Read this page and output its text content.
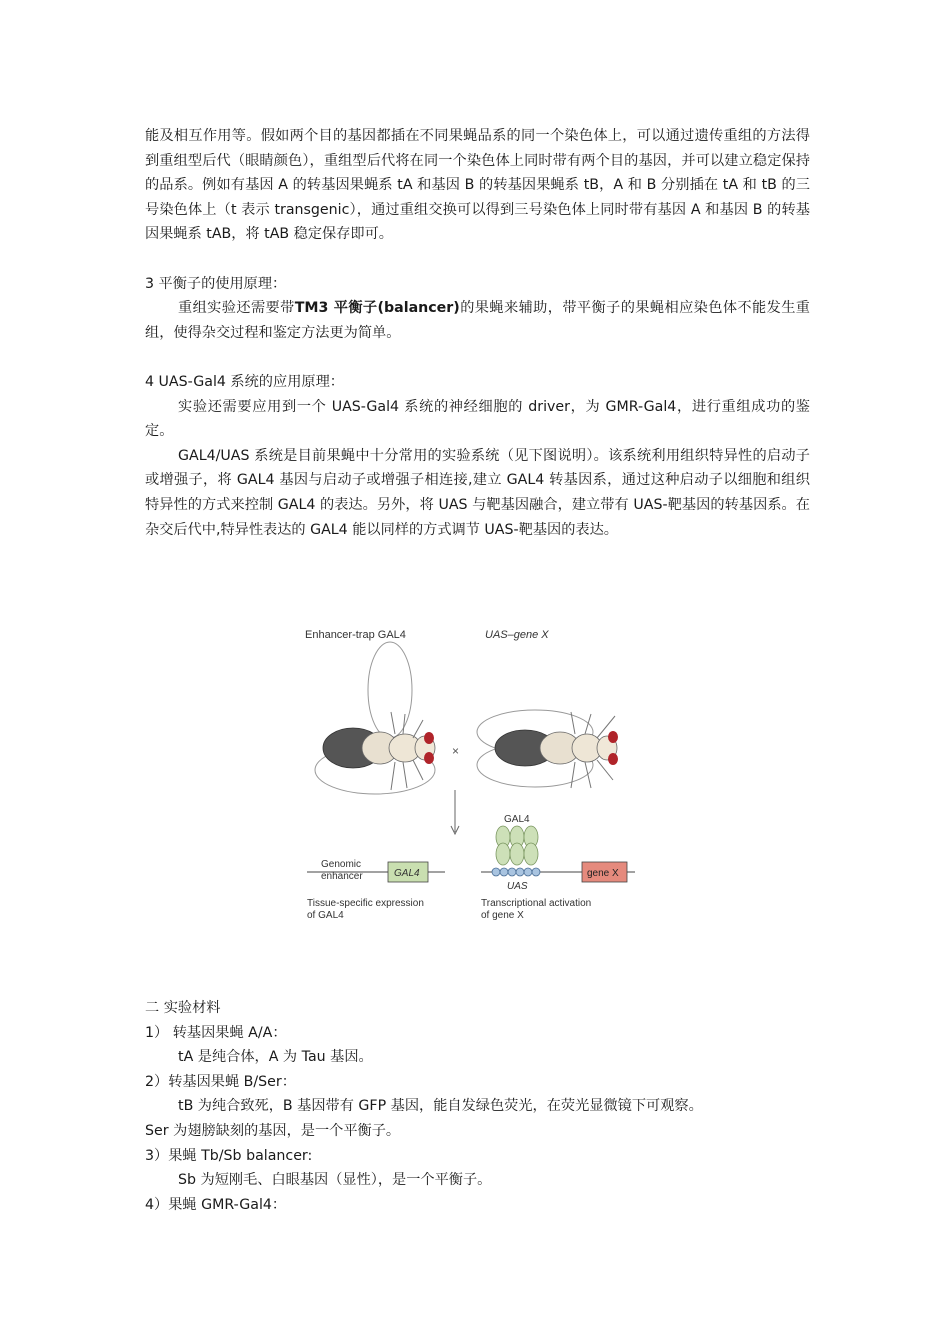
能及相互作用等。假如两个目的基因都插在不同果蝇品系的同一个染色体上，可以通过遗传重组的方法得到重组型后代（眼睛颜色），重组型后代将在同一个染色体上同时带有两个目的基因，并可以建立稳定保持的品系。例如有基因 A 的转基因果蝇系 tA 和基因 B 的转基因果蝇系 tB，A 和 B 分别插在 tA 和 tB 的三号染色体上（t 表示 transgenic），通过重组交换可以得到三号染色体上同时带有基因 A 和基因 B 的转基因果蝇系 tAB，将 tAB 稳定保存即可。

3 平衡子的使用原理：

重组实验还需要带TM3 平衡子(balancer)的果蝇来辅助，带平衡子的果蝇相应染色体不能发生重组，使得杂交过程和鉴定方法更为简单。

4 UAS-Gal4 系统的应用原理：

实验还需要应用到一个 UAS-Gal4 系统的神经细胞的 driver，为 GMR-Gal4，进行重组成功的鉴定。

GAL4/UAS 系统是目前果蝇中十分常用的实验系统（见下图说明）。该系统利用组织特异性的启动子或增强子，将 GAL4 基因与启动子或增强子相连接,建立 GAL4 转基因系，通过这种启动子以细胞和组织特异性的方式来控制 GAL4 的表达。另外，将 UAS 与靶基因融合，建立带有 UAS-靶基因的转基因系。在杂交后代中,特异性表达的 GAL4 能以同样的方式调节 UAS-靶基因的表达。

Enhancer-trap GAL4	UAS–gene X
×
GAL4
Genomic
enhancer	GAL4
UAS
gene X
Tissue-specific expression
of GAL4
Transcriptional activation
of gene X

二 实验材料

1） 转基因果蝇 A/A：

tA 是纯合体，A 为 Tau 基因。

2）转基因果蝇 B/Ser：

tB 为纯合致死，B 基因带有 GFP 基因，能自发绿色荧光，在荧光显微镜下可观察。

Ser 为翅膀缺刻的基因，是一个平衡子。

3）果蝇 Tb/Sb balancer:

Sb 为短刚毛、白眼基因（显性），是一个平衡子。

4）果蝇 GMR-Gal4：
